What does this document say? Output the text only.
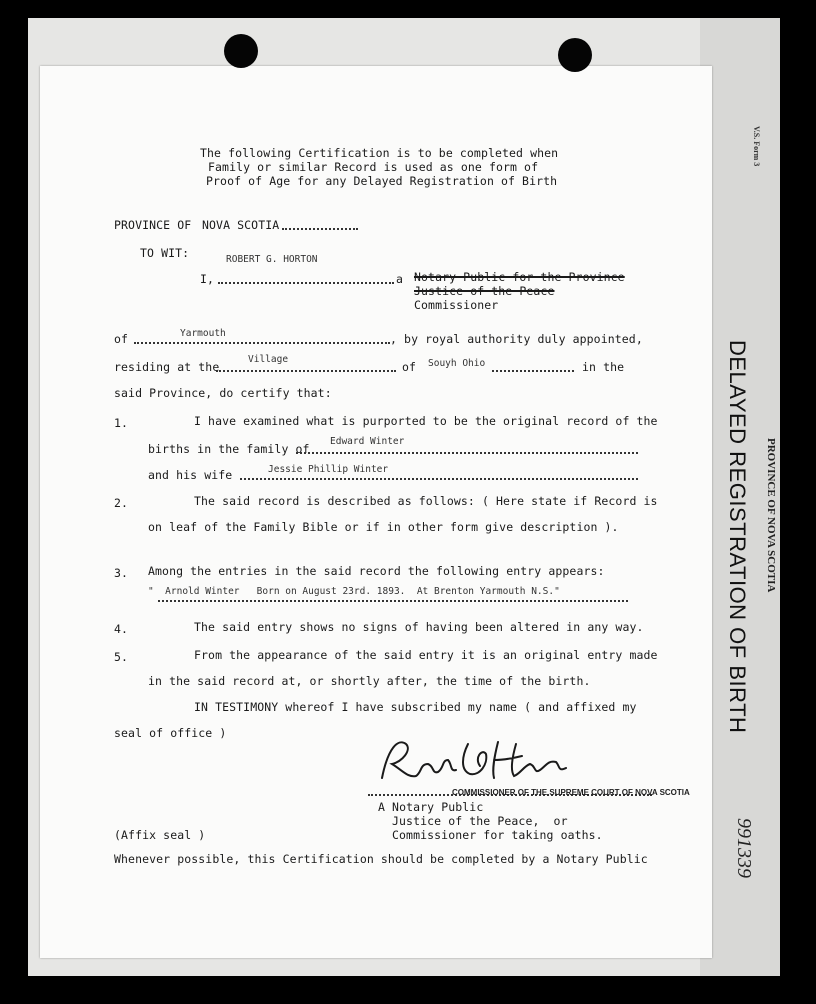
The following Certification is to be completed when
Family or similar Record is used as one form of
Proof of Age for any Delayed Registration of Birth
PROVINCE OF NOVA SCOTIA
TO WIT:	ROBERT G. HORTON
I,	a Notary Public for the Province
Justice of the Peace
Commissioner
of	Yarmouth	, by royal authority duly appointed,
residing at the
Village
of Souyh Ohio	in the
said Province, do certify that:
1.	I have examined what is purported to be the original record of the
births in the family of
Edward Winter
and his wife	Jessie Phillip Winter
2.	The said record is described as follows: ( Here state if Record is
on leaf of the Family Bible or if in other form give description ).
3. Among the entries in the said record the following entry appears:
"  Arnold Winter   Born on August 23rd. 1893.  At Brenton Yarmouth N.S."
4.	The said entry shows no signs of having been altered in any way.
5.	From the appearance of the said entry it is an original entry made
in the said record at, or shortly after, the time of the birth.
IN TESTIMONY whereof I have subscribed my name ( and affixed my
seal of office )
COMMISSIONER OF THE SUPREME COURT OF NOVA SCOTIA
A Notary Public
Justice of the Peace,  or
Commissioner for taking oaths.
(Affix seal )
Whenever possible, this Certification should be completed by a Notary Public
V.S. Form 3
DELAYED REGISTRATION OF BIRTH PROVINCE OF NOVA SCOTIA
991339
